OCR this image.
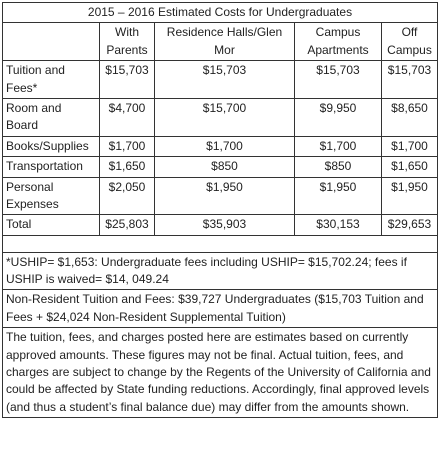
2015 – 2016 Estimated Costs for Undergraduates				
	With Parents	Residence Halls/Glen Mor	Campus Apartments	Off Campus
Tuition and Fees*	$15,703	$15,703	$15,703	$15,703
Room and Board	$4,700	$15,700	$9,950	$8,650
Books/Supplies	$1,700	$1,700	$1,700	$1,700
Transportation	$1,650	$850	$850	$1,650
Personal Expenses	$2,050	$1,950	$1,950	$1,950
Total	$25,803	$35,903	$30,153	$29,653

*USHIP= $1,653: Undergraduate fees including USHIP= $15,702.24; fees if USHIP is waived= $14, 049.24				
Non-Resident Tuition and Fees: $39,727 Undergraduates ($15,703 Tuition and Fees + $24,024 Non-Resident Supplemental Tuition)				
The tuition, fees, and charges posted here are estimates based on currently approved amounts. These figures may not be final. Actual tuition, fees, and charges are subject to change by the Regents of the University of California and could be affected by State funding reductions. Accordingly, final approved levels (and thus a student’s final balance due) may differ from the amounts shown.				
